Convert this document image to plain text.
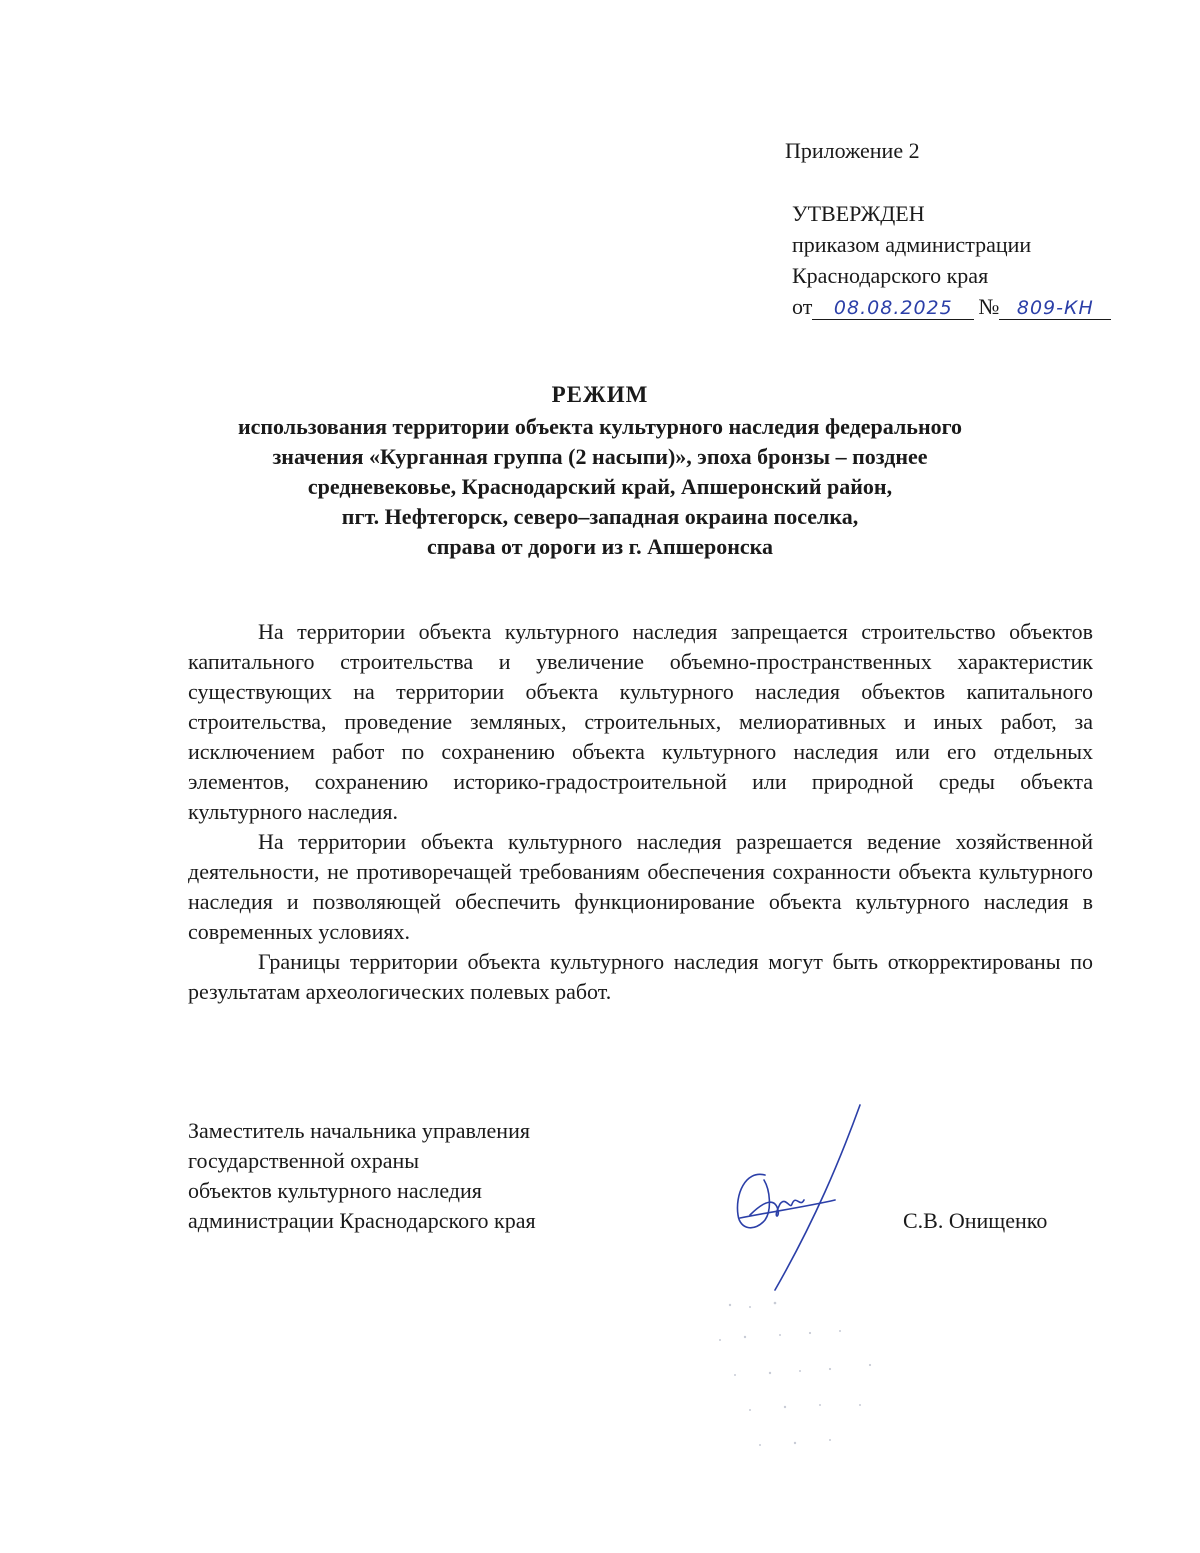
Приложение 2
УТВЕРЖДЕН
приказом администрации
Краснодарского края
от	08.08.2025	№ 809-КН
РЕЖИМ
использования территории объекта культурного наследия федерального
значения «Курганная группа (2 насыпи)», эпоха бронзы – позднее
средневековье, Краснодарский край, Апшеронский район,
пгт. Нефтегорск, северо–западная окраина поселка,
справа от дороги из г. Апшеронска

На территории объекта культурного наследия запрещается строительство объектов капитального строительства и увеличение объемно-пространственных характеристик существующих на территории объекта культурного наследия объектов капитального строительства, проведение земляных, строительных, мелиоративных и иных работ, за исключением работ по сохранению объекта культурного наследия или его отдельных элементов, сохранению историко-градостроительной или природной среды объекта культурного наследия.

На территории объекта культурного наследия разрешается ведение хозяйственной деятельности, не противоречащей требованиям обеспечения сохранности объекта культурного наследия и позволяющей обеспечить функционирование объекта культурного наследия в современных условиях.

Границы территории объекта культурного наследия могут быть откорректированы по результатам археологических полевых работ.

Заместитель начальника управления
государственной охраны
объектов культурного наследия
администрации Краснодарского края	С.В. Онищенко
